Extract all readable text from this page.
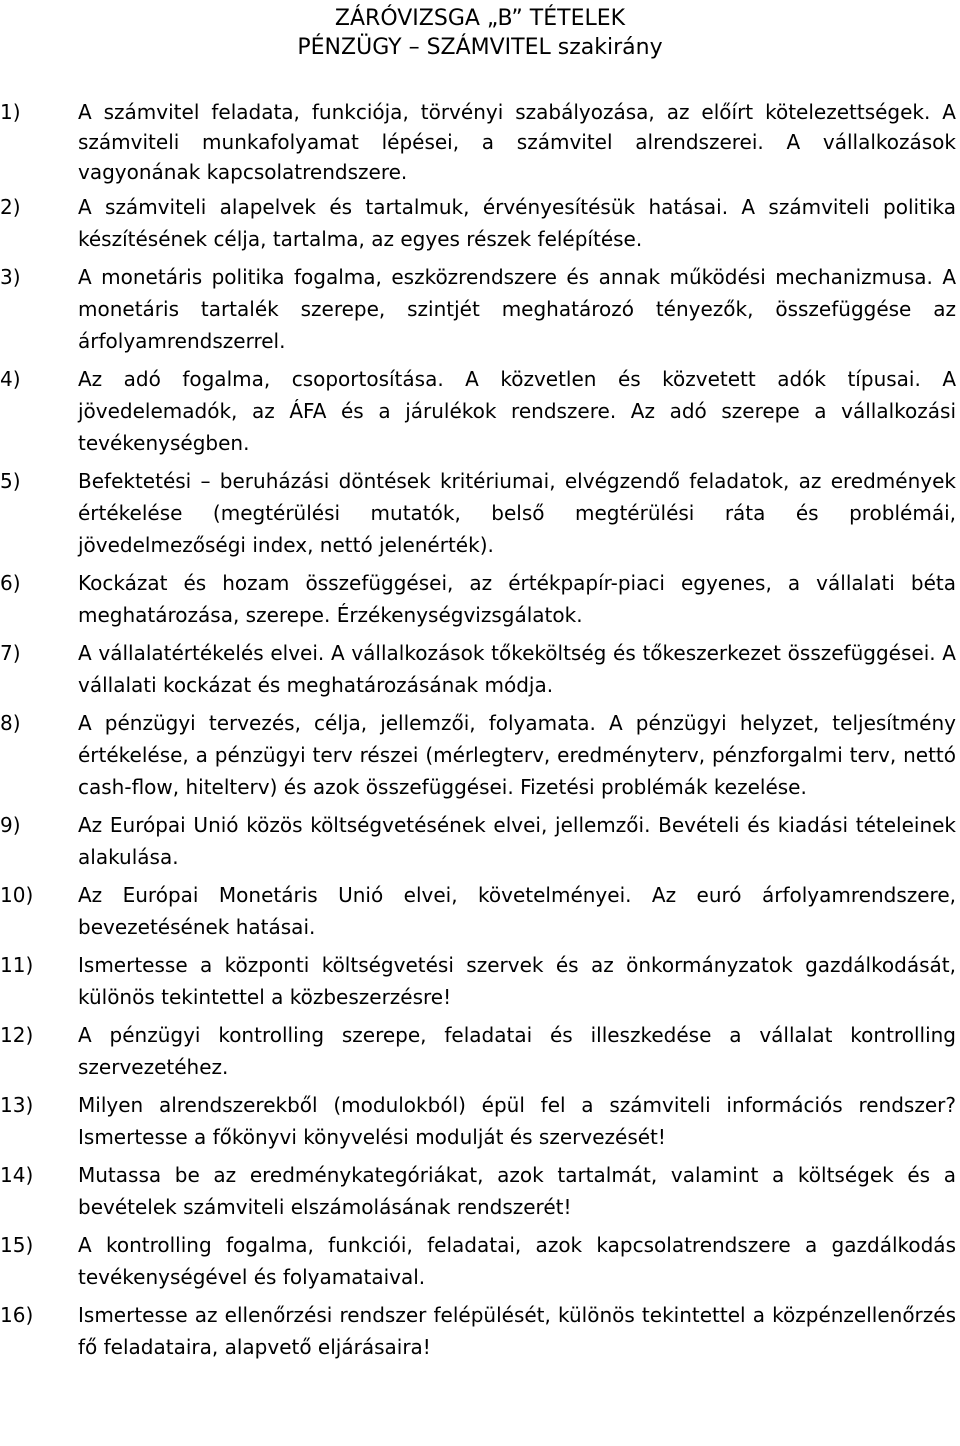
ZÁRÓVIZSGA „B” TÉTELEK
PÉNZÜGY – SZÁMVITEL szakirány
1)	A számvitel feladata, funkciója, törvényi szabályozása, az előírt kötelezettségek. A számviteli munkafolyamat lépései, a számvitel alrendszerei. A vállalkozások vagyonának kapcsolatrendszere.
2)	A számviteli alapelvek és tartalmuk, érvényesítésük hatásai. A számviteli politika készítésének célja, tartalma, az egyes részek felépítése.
3)	A monetáris politika fogalma, eszközrendszere és annak működési mechanizmusa. A monetáris tartalék szerepe, szintjét meghatározó tényezők, összefüggése az árfolyamrendszerrel.
4)	Az adó fogalma, csoportosítása. A közvetlen és közvetett adók típusai. A jövedelemadók, az ÁFA és a járulékok rendszere. Az adó szerepe a vállalkozási tevékenységben.
5)	Befektetési – beruházási döntések kritériumai, elvégzendő feladatok, az eredmények értékelése (megtérülési mutatók, belső megtérülési ráta és problémái, jövedelmezőségi index, nettó jelenérték).
6)	Kockázat és hozam összefüggései, az értékpapír-piaci egyenes, a vállalati béta meghatározása, szerepe. Érzékenységvizsgálatok.
7)	A vállalatértékelés elvei. A vállalkozások tőkeköltség és tőkeszerkezet összefüggései. A vállalati kockázat és meghatározásának módja.
8)	A pénzügyi tervezés, célja, jellemzői, folyamata. A pénzügyi helyzet, teljesítmény értékelése, a pénzügyi terv részei (mérlegterv, eredményterv, pénzforgalmi terv, nettó cash-flow, hitelterv) és azok összefüggései. Fizetési problémák kezelése.
9)	Az Európai Unió közös költségvetésének elvei, jellemzői. Bevételi és kiadási tételeinek alakulása.
10) Az Európai Monetáris Unió elvei, követelményei. Az euró árfolyamrendszere, bevezetésének hatásai.
11) Ismertesse a központi költségvetési szervek és az önkormányzatok gazdálkodását, különös tekintettel a közbeszerzésre!
12) A pénzügyi kontrolling szerepe, feladatai és illeszkedése a vállalat kontrolling szervezetéhez.
13) Milyen alrendszerekből (modulokból) épül fel a számviteli információs rendszer? Ismertesse a főkönyvi könyvelési modulját és szervezését!
14) Mutassa be az eredménykategóriákat, azok tartalmát, valamint a költségek és a bevételek számviteli elszámolásának rendszerét!
15) A kontrolling fogalma, funkciói, feladatai, azok kapcsolatrendszere a gazdálkodás tevékenységével és folyamataival.
16) Ismertesse az ellenőrzési rendszer felépülését, különös tekintettel a közpénzellenőrzés fő feladataira, alapvető eljárásaira!
